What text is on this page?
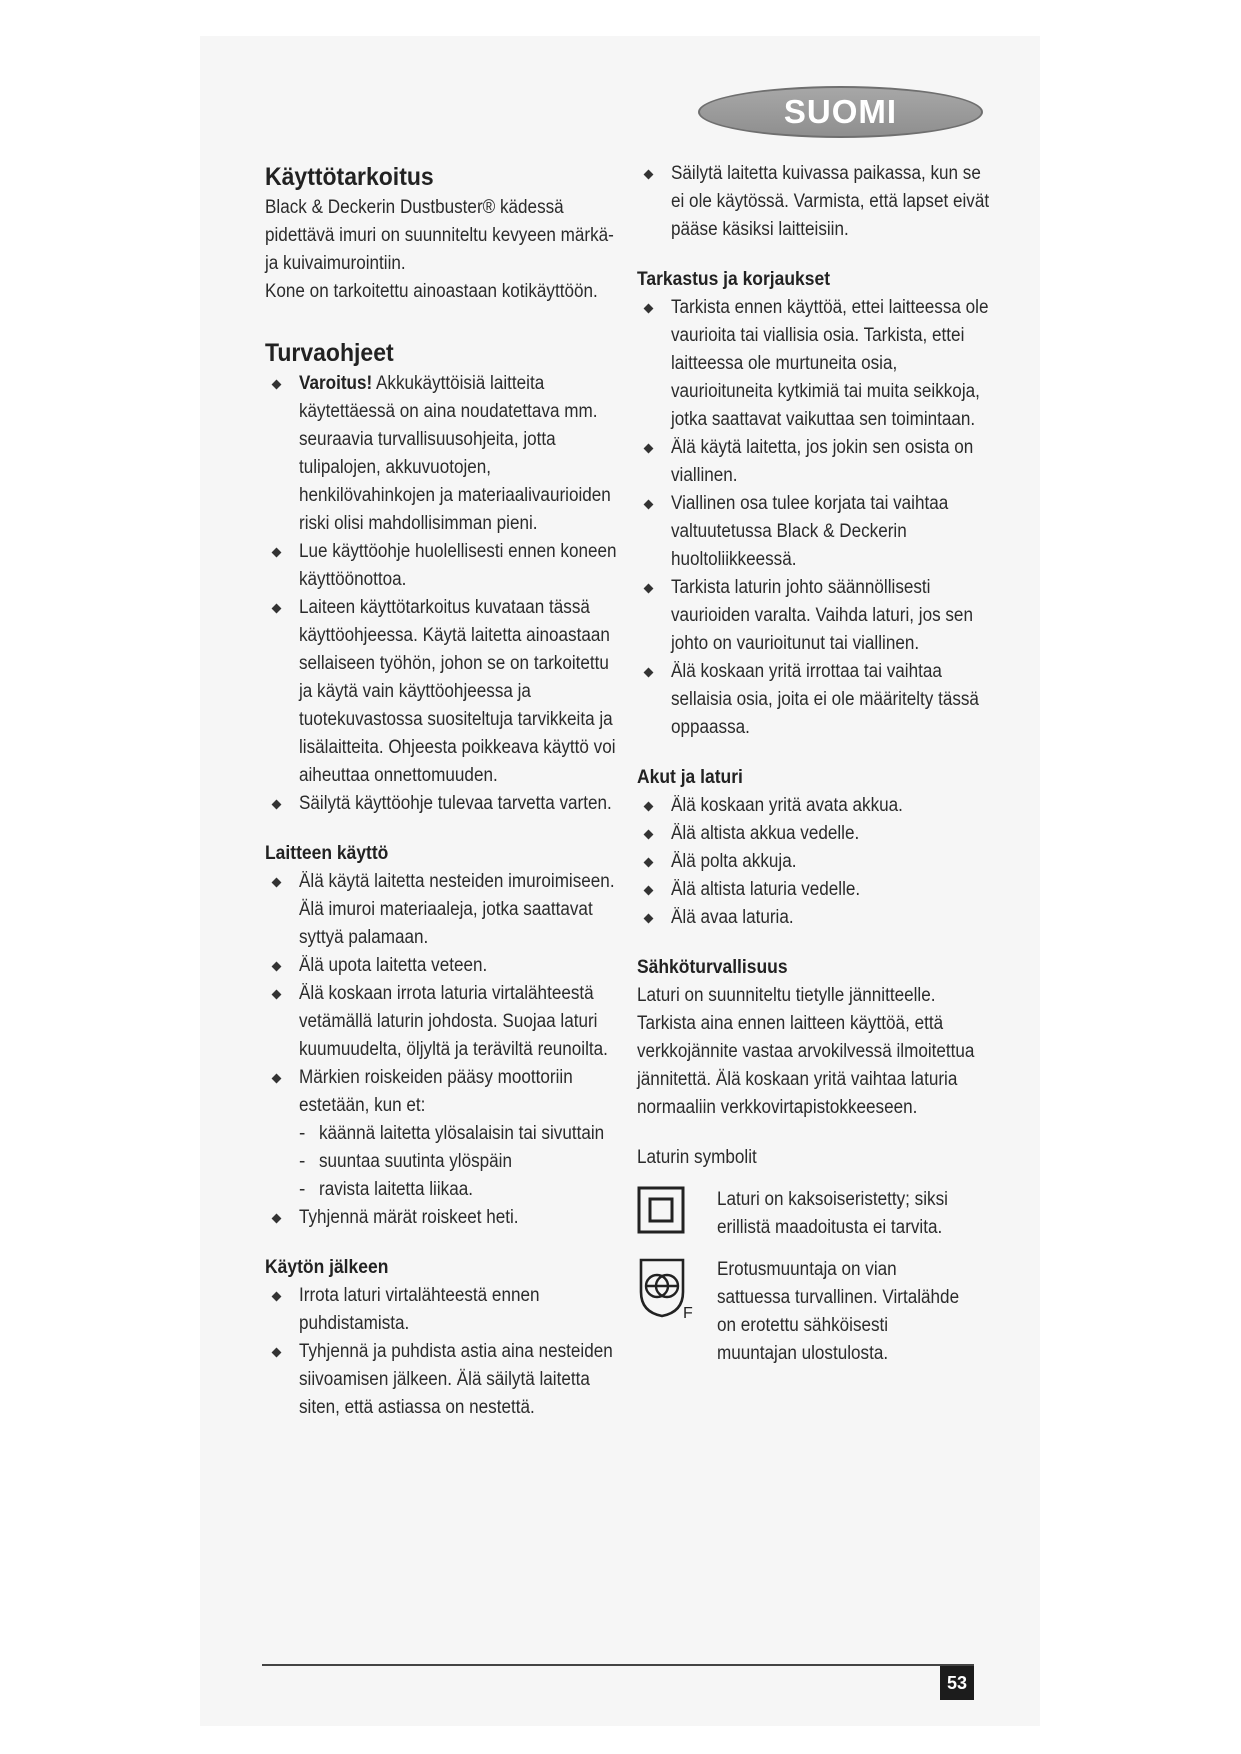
SUOMI
Käyttötarkoitus

Black & Deckerin Dustbuster® kädessä pidettävä imuri on suunniteltu kevyeen märkä- ja kuivaimurointiin.

Kone on tarkoitettu ainoastaan kotikäyttöön.

Turvaohjeet
Varoitus! Akkukäyttöisiä laitteita käytettäessä on aina noudatettava mm. seuraavia turvallisuusohjeita, jotta tulipalojen, akkuvuotojen, henkilövahinkojen ja materiaalivaurioiden riski olisi mahdollisimman pieni.
Lue käyttöohje huolellisesti ennen koneen käyttöönottoa.
Laiteen käyttötarkoitus kuvataan tässä käyttöohjeessa. Käytä laitetta ainoastaan sellaiseen työhön, johon se on tarkoitettu ja käytä vain käyttöohjeessa ja tuotekuvastossa suositeltuja tarvikkeita ja lisälaitteita. Ohjeesta poikkeava käyttö voi aiheuttaa onnettomuuden.
Säilytä käyttöohje tulevaa tarvetta varten.
Laitteen käyttö
Älä käytä laitetta nesteiden imuroimiseen. Älä imuroi materiaaleja, jotka saattavat syttyä palamaan.
Älä upota laitetta veteen.
Älä koskaan irrota laturia virtalähteestä vetämällä laturin johdosta. Suojaa laturi kuumuudelta, öljyltä ja teräviltä reunoilta.
Märkien roiskeiden pääsy moottoriin estetään, kun et:
- käännä laitetta ylösalaisin tai sivuttain
- suuntaa suutinta ylöspäin
- ravista laitetta liikaa.
Tyhjennä märät roiskeet heti.
Käytön jälkeen
Irrota laturi virtalähteestä ennen puhdistamista.
Tyhjennä ja puhdista astia aina nesteiden siivoamisen jälkeen. Älä säilytä laitetta siten, että astiassa on nestettä.
Säilytä laitetta kuivassa paikassa, kun se ei ole käytössä. Varmista, että lapset eivät pääse käsiksi laitteisiin.
Tarkastus ja korjaukset
Tarkista ennen käyttöä, ettei laitteessa ole vaurioita tai viallisia osia. Tarkista, ettei laitteessa ole murtuneita osia, vaurioituneita kytkimiä tai muita seikkoja, jotka saattavat vaikuttaa sen toimintaan.
Älä käytä laitetta, jos jokin sen osista on viallinen.
Viallinen osa tulee korjata tai vaihtaa valtuutetussa Black & Deckerin huoltoliikkeessä.
Tarkista laturin johto säännöllisesti vaurioiden varalta. Vaihda laturi, jos sen johto on vaurioitunut tai viallinen.
Älä koskaan yritä irrottaa tai vaihtaa sellaisia osia, joita ei ole määritelty tässä oppaassa.
Akut ja laturi
Älä koskaan yritä avata akkua.
Älä altista akkua vedelle.
Älä polta akkuja.
Älä altista laturia vedelle.
Älä avaa laturia.
Sähköturvallisuus

Laturi on suunniteltu tietylle jännitteelle. Tarkista aina ennen laitteen käyttöä, että verkkojännite vastaa arvokilvessä ilmoitettua jännitettä. Älä koskaan yritä vaihtaa laturia normaaliin verkkovirtapistokkeeseen.

Laturin symbolit

Laturi on kaksoiseristetty; siksi erillistä maadoitusta ei tarvita.

F

Erotusmuuntaja on vian sattuessa turvallinen. Virtalähde on erotettu sähköisesti muuntajan ulostulosta.

53
